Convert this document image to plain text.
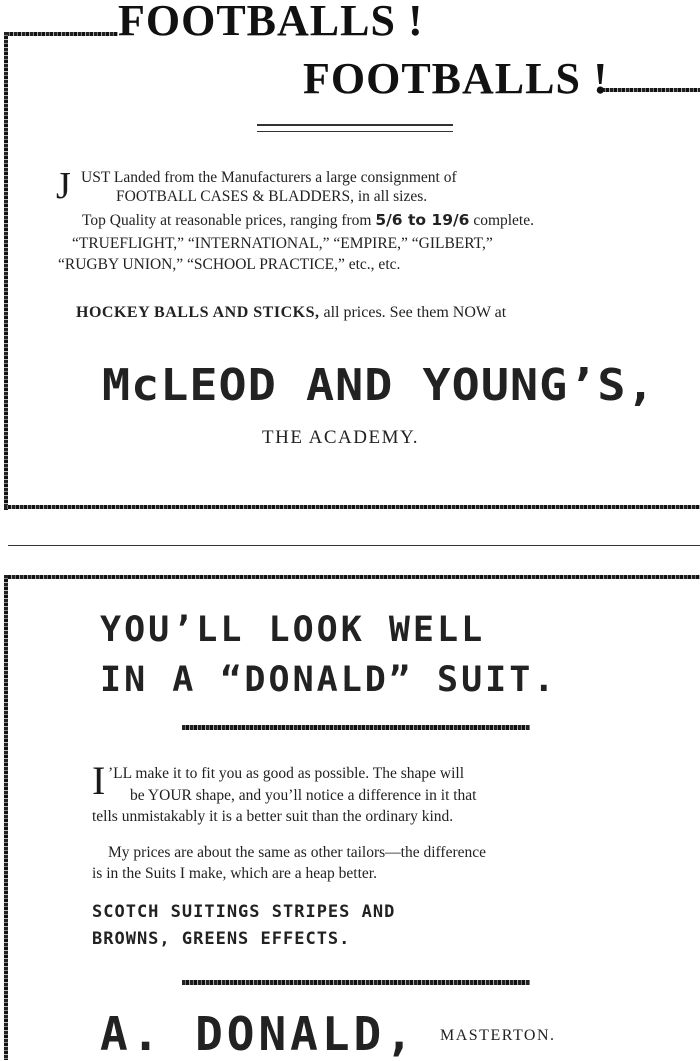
FOOTBALLS !
FOOTBALLS !
J UST Landed from the Manufacturers a large consignment of
FOOTBALL CASES & BLADDERS, in all sizes.
Top Quality at reasonable prices, ranging from 5/6 to 19/6 complete.
“TRUEFLIGHT,” “INTERNATIONAL,” “EMPIRE,” “GILBERT,”
“RUGBY UNION,” “SCHOOL PRACTICE,” etc., etc.
HOCKEY BALLS AND STICKS, all prices. See them NOW at
McLEOD AND YOUNG’S,
THE ACADEMY.
YOU’LL LOOK WELL
IN A “DONALD” SUIT.
I ’LL make it to fit you as good as possible. The shape will
be YOUR shape, and you’ll notice a difference in it that
tells unmistakably it is a better suit than the ordinary kind.
My prices are about the same as other tailors—the difference
is in the Suits I make, which are a heap better.
SCOTCH SUITINGS STRIPES AND
BROWNS, GREENS EFFECTS.
A. DONALD, MASTERTON.
